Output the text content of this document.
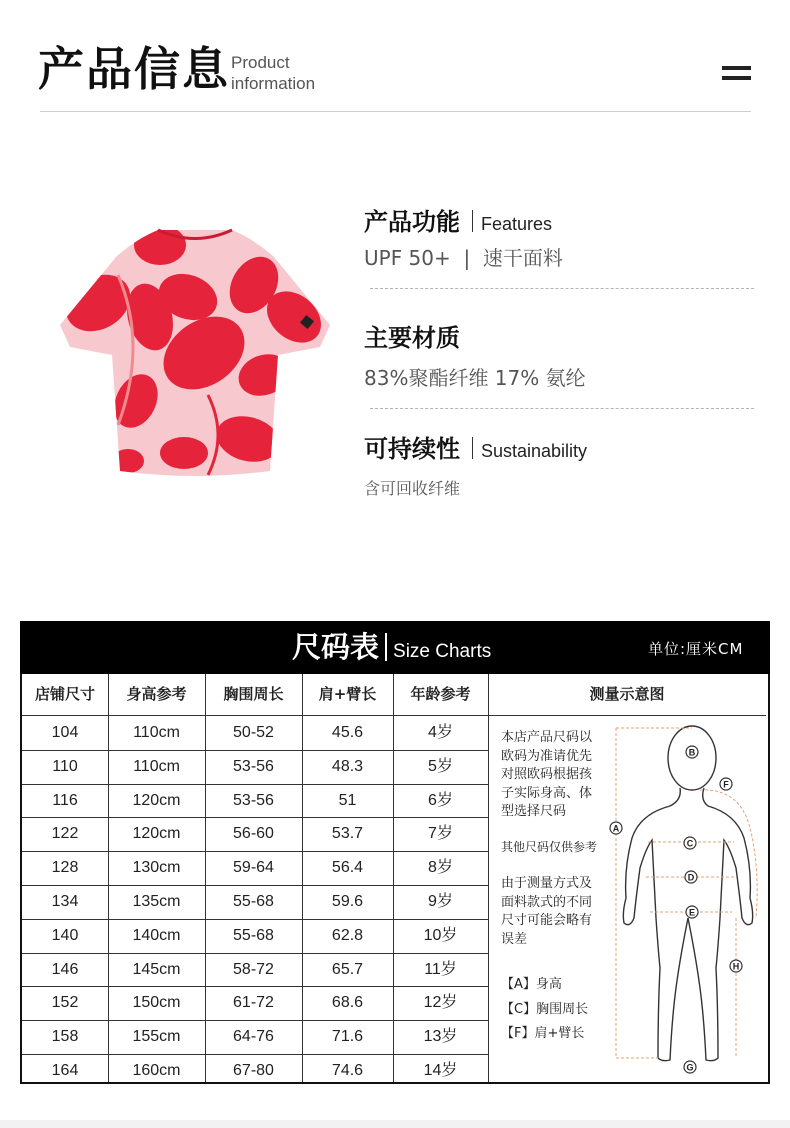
产品信息 Product
information
产品功能 Features
UPF 50+  |  速干面料
主要材质
83%聚酯纤维 17% 氨纶
可持续性 Sustainability
含可回收纤维
尺码表 Size Charts	单位:厘米CM
店铺尺寸	身高参考	胸围周长	肩+臂长	年龄参考	测量示意图
104	110cm	50-52	45.6	4岁
110	110cm	53-56	48.3	5岁
116	120cm	53-56	51	6岁
122	120cm	56-60	53.7	7岁
128	130cm	59-64	56.4	8岁
134	135cm	55-68	59.6	9岁
140	140cm	55-68	62.8	10岁
146	145cm	58-72	65.7	11岁
152	150cm	61-72	68.6	12岁
158	155cm	64-76	71.6	13岁
164	160cm	67-80	74.6	14岁
本店产品尺码以
欧码为准请优先
对照欧码根据孩
子实际身高、体
型选择尺码
其他尺码仅供参考
由于测量方式及
面料款式的不同
尺寸可能会略有
误差
【A】身高
【C】胸围周长
【F】肩+臂长
A
B
C
D
E
F
G
H
